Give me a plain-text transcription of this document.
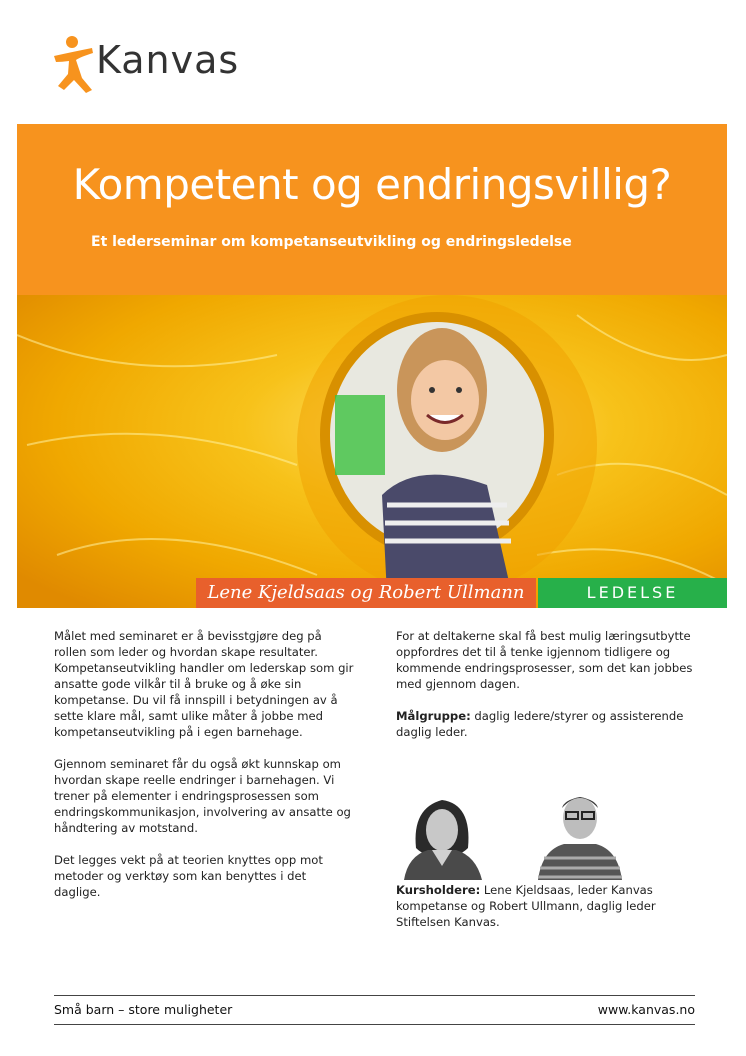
Kanvas
Kompetent og endringsvillig?
Et lederseminar om kompetanseutvikling og endringsledelse
Lene Kjeldsaas og Robert Ullmann	LEDELSE

Målet med seminaret er å bevisstgjøre deg på rollen som leder og hvordan skape resultater. Kompetanseutvikling handler om lederskap som gir ansatte gode vilkår til å bruke og å øke sin kompetanse. Du vil få innspill i betydningen av å sette klare mål, samt ulike måter å jobbe med kompetanseutvikling på i egen barnehage.

Gjennom seminaret får du også økt kunnskap om hvordan skape reelle endringer i barnehagen. Vi trener på elementer i endringsprosessen som endringskommunikasjon, involvering av ansatte og håndtering av motstand.

Det legges vekt på at teorien knyttes opp mot metoder og verktøy som kan benyttes i det daglige.

For at deltakerne skal få best mulig læringsutbytte oppfordres det til å tenke igjennom tidligere og kommende endringsprosesser, som det kan jobbes med gjennom dagen.

Målgruppe: daglig ledere/styrer og assisterende daglig leder.

Kursholdere: Lene Kjeldsaas, leder Kanvas kompetanse og Robert Ullmann, daglig leder Stiftelsen Kanvas.
Små barn – store muligheter	www.kanvas.no
